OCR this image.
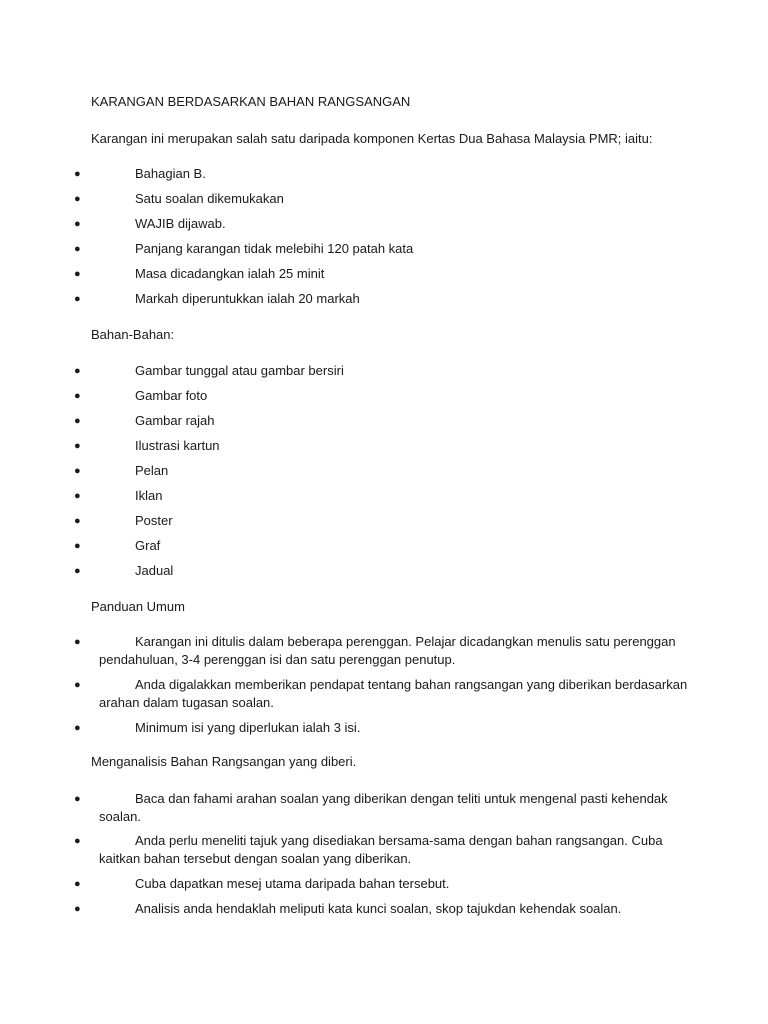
KARANGAN BERDASARKAN BAHAN RANGSANGAN
Karangan ini merupakan salah satu daripada komponen Kertas Dua Bahasa Malaysia PMR; iaitu:
●	Bahagian B.
●	Satu soalan dikemukakan
●	WAJIB dijawab.
●	Panjang karangan tidak melebihi 120 patah kata
●	Masa dicadangkan ialah 25 minit
●	Markah diperuntukkan ialah 20 markah
Bahan-Bahan:
●	Gambar tunggal atau gambar bersiri
●	Gambar foto
●	Gambar rajah
●	Ilustrasi kartun
●	Pelan
●	Iklan
●	Poster
●	Graf
●	Jadual
Panduan Umum
●	Karangan ini ditulis dalam beberapa perenggan. Pelajar dicadangkan menulis satu perenggan pendahuluan, 3-4 perenggan isi dan satu perenggan penutup.
●	Anda digalakkan memberikan pendapat tentang bahan rangsangan yang diberikan berdasarkan arahan dalam tugasan soalan.
●	Minimum isi yang diperlukan ialah 3 isi.
Menganalisis Bahan Rangsangan yang diberi.
●	Baca dan fahami arahan soalan yang diberikan dengan teliti untuk mengenal pasti kehendak soalan.
●	Anda perlu meneliti tajuk yang disediakan bersama-sama dengan bahan rangsangan. Cuba kaitkan bahan tersebut dengan soalan yang diberikan.
●	Cuba dapatkan mesej utama daripada bahan tersebut.
●	Analisis anda hendaklah meliputi kata kunci soalan, skop tajukdan kehendak soalan.
